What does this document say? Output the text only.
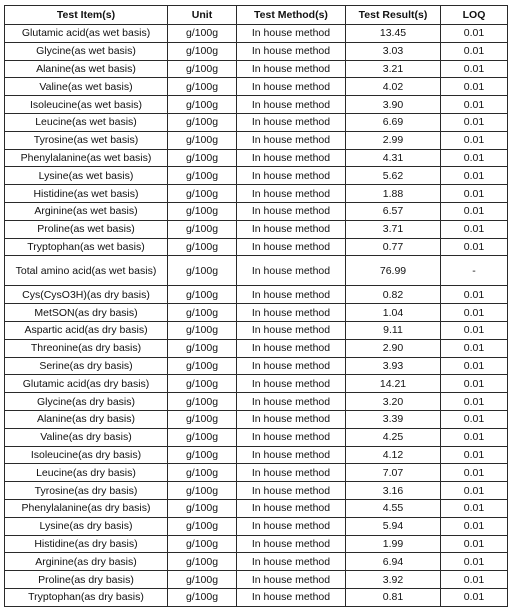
Test Item(s)	Unit	Test Method(s)	Test Result(s)	LOQ
Glutamic acid(as wet basis)	g/100g	In house method	13.45	0.01
Glycine(as wet basis)	g/100g	In house method	3.03	0.01
Alanine(as wet basis)	g/100g	In house method	3.21	0.01
Valine(as wet basis)	g/100g	In house method	4.02	0.01
Isoleucine(as wet basis)	g/100g	In house method	3.90	0.01
Leucine(as wet basis)	g/100g	In house method	6.69	0.01
Tyrosine(as wet basis)	g/100g	In house method	2.99	0.01
Phenylalanine(as wet basis)	g/100g	In house method	4.31	0.01
Lysine(as wet basis)	g/100g	In house method	5.62	0.01
Histidine(as wet basis)	g/100g	In house method	1.88	0.01
Arginine(as wet basis)	g/100g	In house method	6.57	0.01
Proline(as wet basis)	g/100g	In house method	3.71	0.01
Tryptophan(as wet basis)	g/100g	In house method	0.77	0.01
Total amino acid(as wet basis)	g/100g	In house method	76.99	-
Cys(CysO3H)(as dry basis)	g/100g	In house method	0.82	0.01
MetSON(as dry basis)	g/100g	In house method	1.04	0.01
Aspartic acid(as dry basis)	g/100g	In house method	9.11	0.01
Threonine(as dry basis)	g/100g	In house method	2.90	0.01
Serine(as dry basis)	g/100g	In house method	3.93	0.01
Glutamic acid(as dry basis)	g/100g	In house method	14.21	0.01
Glycine(as dry basis)	g/100g	In house method	3.20	0.01
Alanine(as dry basis)	g/100g	In house method	3.39	0.01
Valine(as dry basis)	g/100g	In house method	4.25	0.01
Isoleucine(as dry basis)	g/100g	In house method	4.12	0.01
Leucine(as dry basis)	g/100g	In house method	7.07	0.01
Tyrosine(as dry basis)	g/100g	In house method	3.16	0.01
Phenylalanine(as dry basis)	g/100g	In house method	4.55	0.01
Lysine(as dry basis)	g/100g	In house method	5.94	0.01
Histidine(as dry basis)	g/100g	In house method	1.99	0.01
Arginine(as dry basis)	g/100g	In house method	6.94	0.01
Proline(as dry basis)	g/100g	In house method	3.92	0.01
Tryptophan(as dry basis)	g/100g	In house method	0.81	0.01
